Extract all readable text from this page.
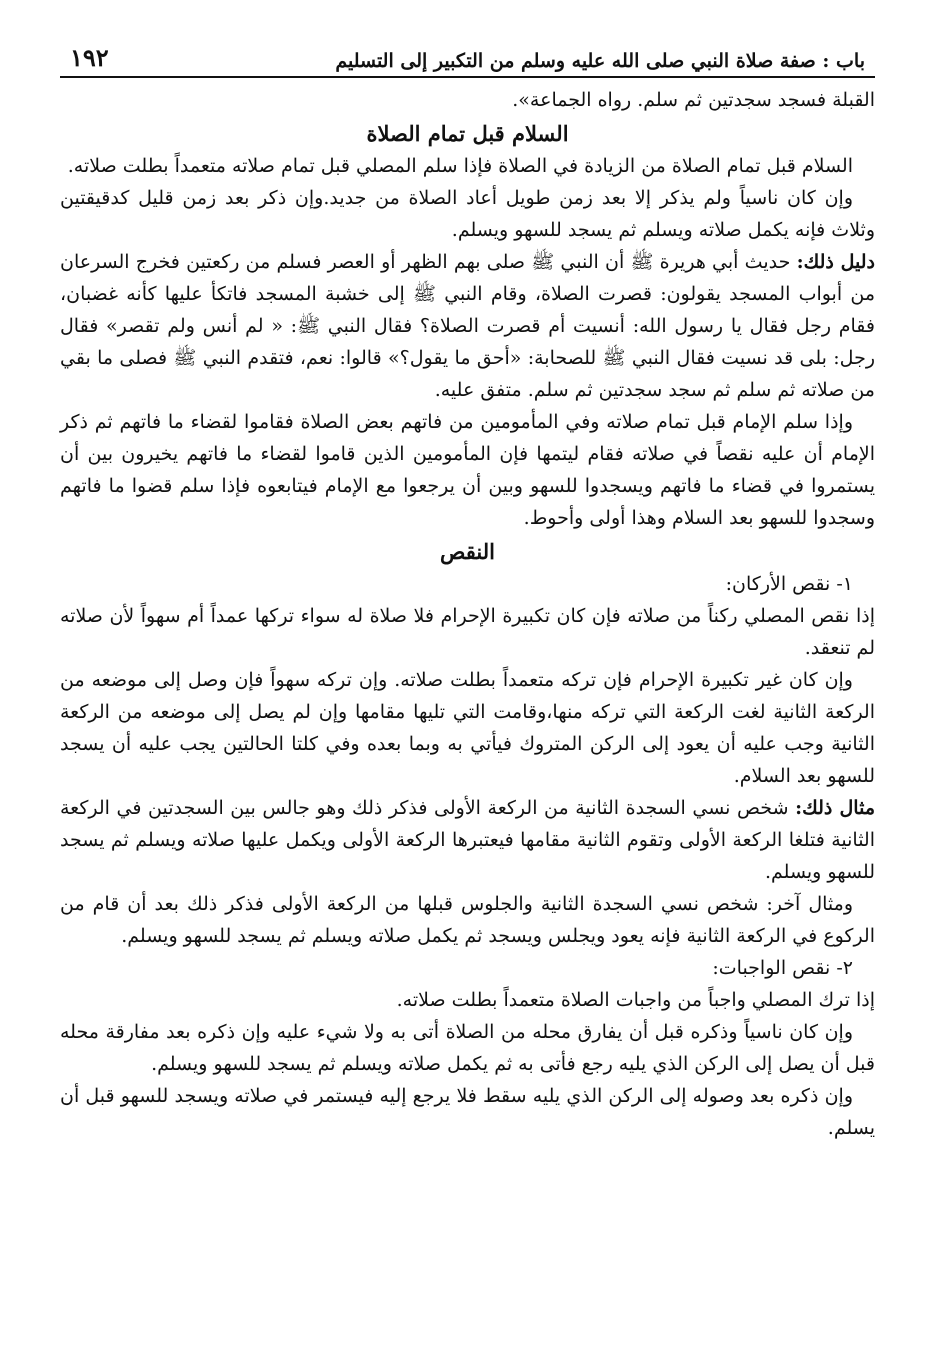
باب : صفة صلاة النبي صلى الله عليه وسلم من التكبير إلى التسليم
١٩٢

القبلة فسجد سجدتين ثم سلم. رواه الجماعة».

السلام قبل تمام الصلاة

السلام قبل تمام الصلاة من الزيادة في الصلاة فإذا سلم المصلي قبل تمام صلاته متعمداً بطلت صلاته.

وإن كان ناسياً ولم يذكر إلا بعد زمن طويل أعاد الصلاة من جديد.وإن ذكر بعد زمن قليل كدقيقتين وثلاث فإنه يكمل صلاته ويسلم ثم يسجد للسهو ويسلم.

دليل ذلك: حديث أبي هريرة ﷺ أن النبي ﷺ صلى بهم الظهر أو العصر فسلم من ركعتين فخرج السرعان من أبواب المسجد يقولون: قصرت الصلاة، وقام النبي ﷺ إلى خشبة المسجد فاتكأ عليها كأنه غضبان، فقام رجل فقال يا رسول الله: أنسيت أم قصرت الصلاة؟ فقال النبي ﷺ: « لم أنس ولم تقصر» فقال رجل: بلى قد نسيت فقال النبي ﷺ للصحابة: «أحق ما يقول؟» قالوا: نعم، فتقدم النبي ﷺ فصلى ما بقي من صلاته ثم سلم ثم سجد سجدتين ثم سلم. متفق عليه.

وإذا سلم الإمام قبل تمام صلاته وفي المأمومين من فاتهم بعض الصلاة فقاموا لقضاء ما فاتهم ثم ذكر الإمام أن عليه نقصاً في صلاته فقام ليتمها فإن المأمومين الذين قاموا لقضاء ما فاتهم يخيرون بين أن يستمروا في قضاء ما فاتهم ويسجدوا للسهو وبين أن يرجعوا مع الإمام فيتابعوه فإذا سلم قضوا ما فاتهم وسجدوا للسهو بعد السلام وهذا أولى وأحوط.

النقص

١- نقص الأركان:

إذا نقص المصلي ركناً من صلاته فإن كان تكبيرة الإحرام فلا صلاة له سواء تركها عمداً أم سهواً لأن صلاته لم تنعقد.

وإن كان غير تكبيرة الإحرام فإن تركه متعمداً بطلت صلاته. وإن تركه سهواً فإن وصل إلى موضعه من الركعة الثانية لغت الركعة التي تركه منها،وقامت التي تليها مقامها وإن لم يصل إلى موضعه من الركعة الثانية وجب عليه أن يعود إلى الركن المتروك فيأتي به وبما بعده وفي كلتا الحالتين يجب عليه أن يسجد للسهو بعد السلام.

مثال ذلك: شخص نسي السجدة الثانية من الركعة الأولى فذكر ذلك وهو جالس بين السجدتين في الركعة الثانية فتلغا الركعة الأولى وتقوم الثانية مقامها فيعتبرها الركعة الأولى ويكمل عليها صلاته ويسلم ثم يسجد للسهو ويسلم.

ومثال آخر: شخص نسي السجدة الثانية والجلوس قبلها من الركعة الأولى فذكر ذلك بعد أن قام من الركوع في الركعة الثانية فإنه يعود ويجلس ويسجد ثم يكمل صلاته ويسلم ثم يسجد للسهو ويسلم.

٢- نقص الواجبات:

إذا ترك المصلي واجباً من واجبات الصلاة متعمداً بطلت صلاته.

وإن كان ناسياً وذكره قبل أن يفارق محله من الصلاة أتى به ولا شيء عليه وإن ذكره بعد مفارقة محله قبل أن يصل إلى الركن الذي يليه رجع فأتى به ثم يكمل صلاته ويسلم ثم يسجد للسهو ويسلم.

وإن ذكره بعد وصوله إلى الركن الذي يليه سقط فلا يرجع إليه فيستمر في صلاته ويسجد للسهو قبل أن يسلم.
